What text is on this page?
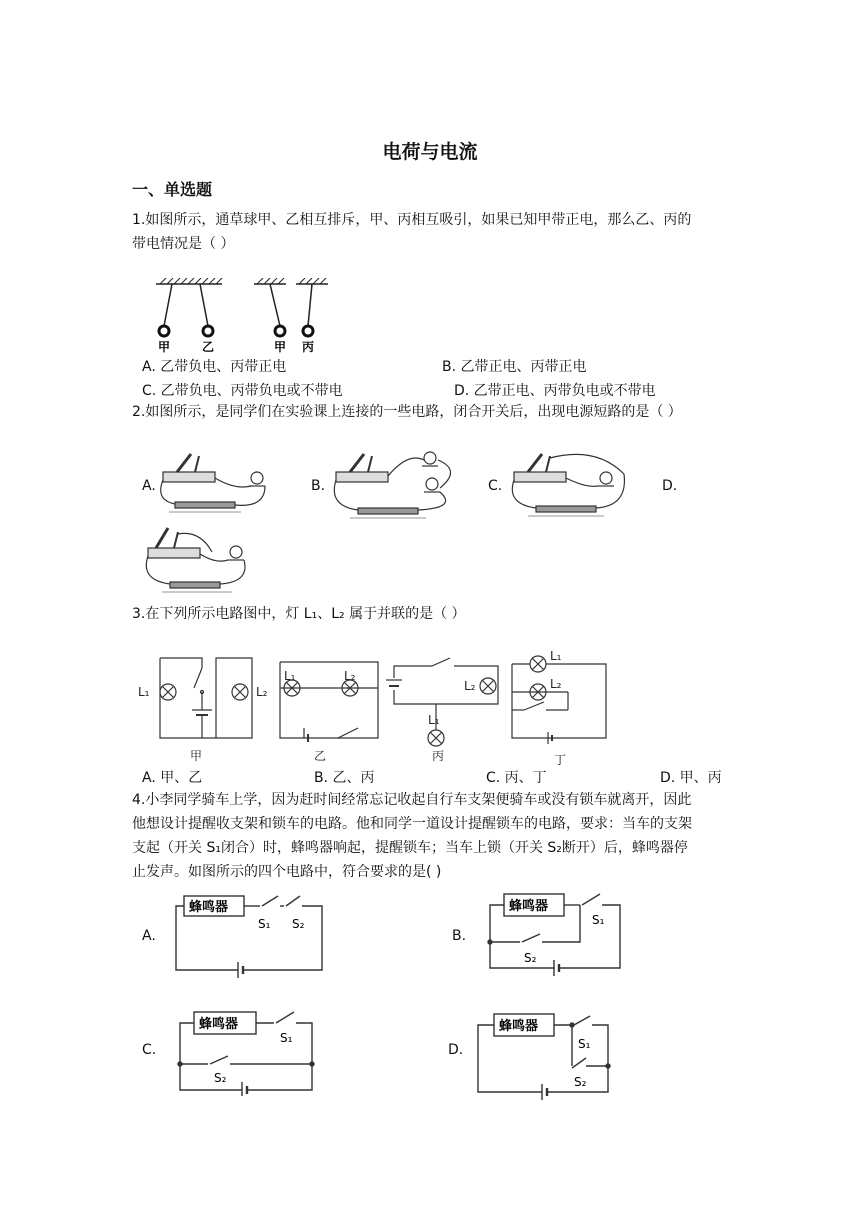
电荷与电流
一、单选题
1.如图所示，通草球甲、乙相互排斥，甲、丙相互吸引，如果已知甲带正电，那么乙、丙的
带电情况是（ ）
甲	乙	甲 丙
A. 乙带负电、丙带正电	B. 乙带正电、丙带正电
C. 乙带负电、丙带负电或不带电	D. 乙带正电、丙带负电或不带电
2.如图所示，是同学们在实验课上连接的一些电路，闭合开关后，出现电源短路的是（ ）
A.	B.	C.	D.
3.在下列所示电路图中，灯 L₁、L₂ 属于并联的是（ ）
L₁	L₂
L₁	L₂
L₂
L₁
L₁
L₂
甲	乙	丙	丁
A. 甲、乙	B. 乙、丙	C. 丙、丁	D. 甲、丙
4.小李同学骑车上学，因为赶时间经常忘记收起自行车支架便骑车或没有锁车就离开，因此
他想设计提醒收支架和锁车的电路。他和同学一道设计提醒锁车的电路，要求：当车的支架
支起（开关 S₁闭合）时，蜂鸣器响起，提醒锁车；当车上锁（开关 S₂断开）后，蜂鸣器停
止发声。如图所示的四个电路中，符合要求的是( )
A.	B.
C.	D.
蜂鸣器
S₁ S₂
蜂鸣器
S₁
S₂
蜂鸣器
S₁
S₂
蜂鸣器
S₁
S₂
